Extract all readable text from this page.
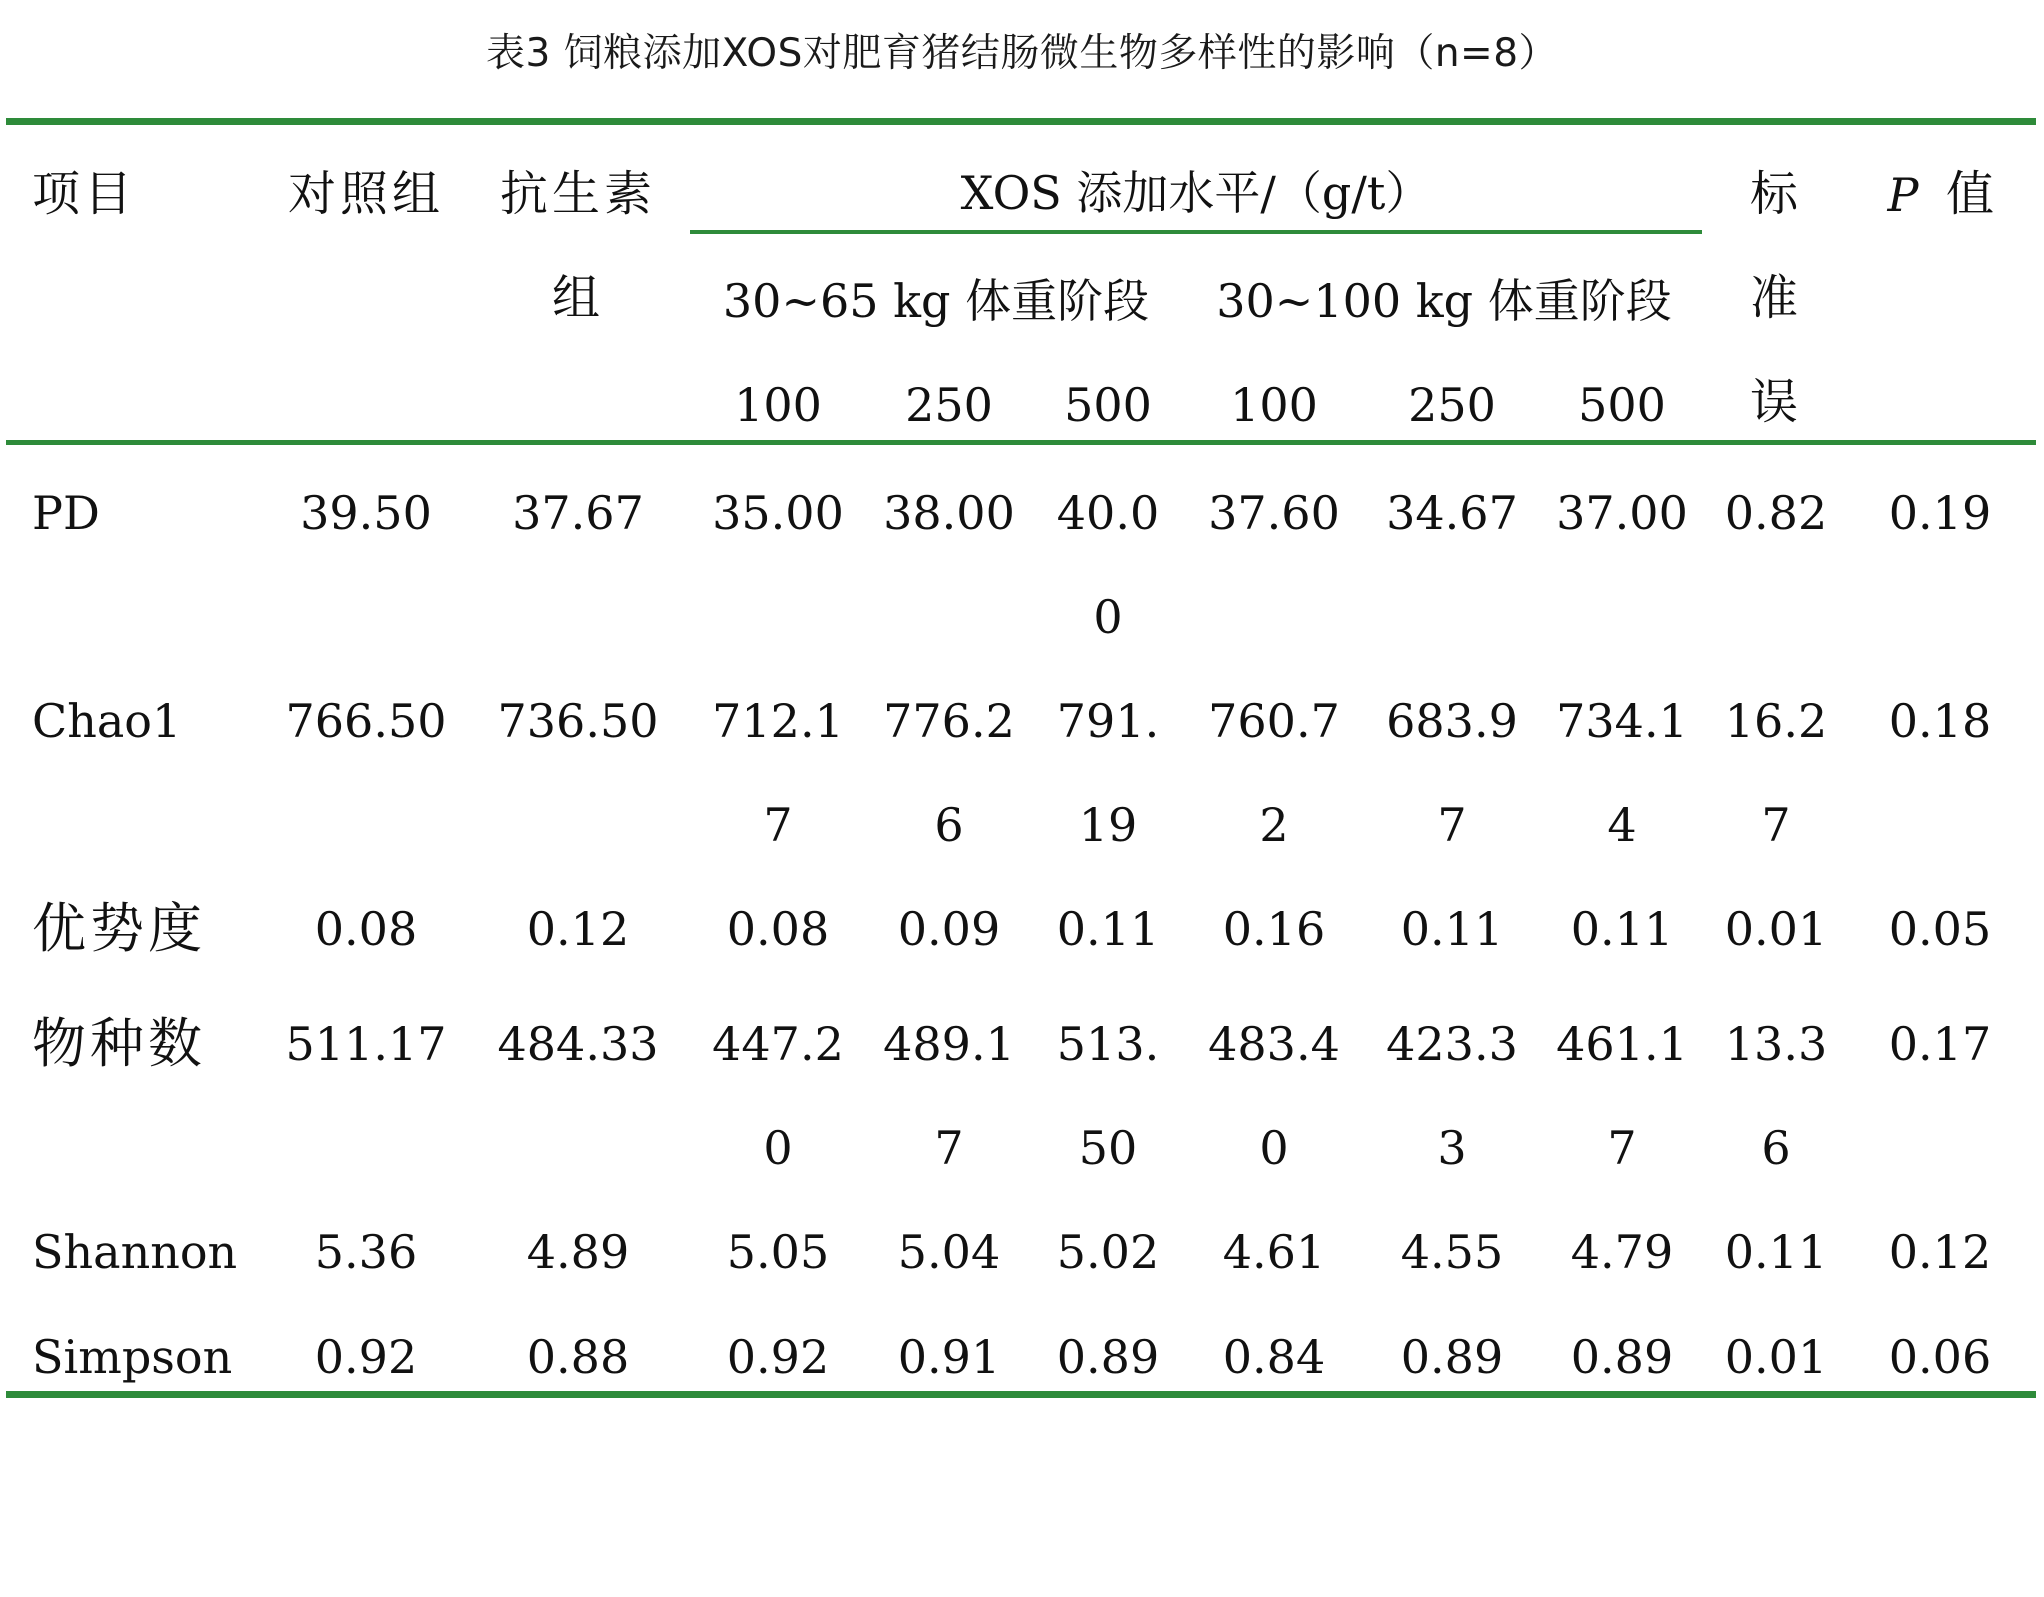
表3 饲粮添加XOS对肥育猪结肠微生物多样性的影响（n=8）
项目	对照组 抗生素
组
XOS 添加水平/（g/t）
30~65 kg 体重阶段 30~100 kg 体重阶段
标
准
误
P 值
100 250 500 100 250 500
PD	39.50 37.67 35.00 38.00 40.0
0
37.60 34.67 37.00 0.82 0.19
Chao1 766.50 736.50 712.1
7
776.2
6
791.
19
760.7
2
683.9
7
734.1
4
16.2
7
0.18
优势度 0.08 0.12 0.08 0.09 0.11 0.16 0.11 0.11 0.01 0.05
物种数 511.17 484.33 447.2
0
489.1
7
513.
50
483.4
0
423.3
3
461.1
7
13.3
6
0.17
Shannon 5.36 4.89 5.05 5.04 5.02 4.61 4.55 4.79 0.11 0.12
Simpson 0.92 0.88 0.92 0.91 0.89 0.84 0.89 0.89 0.01 0.06
